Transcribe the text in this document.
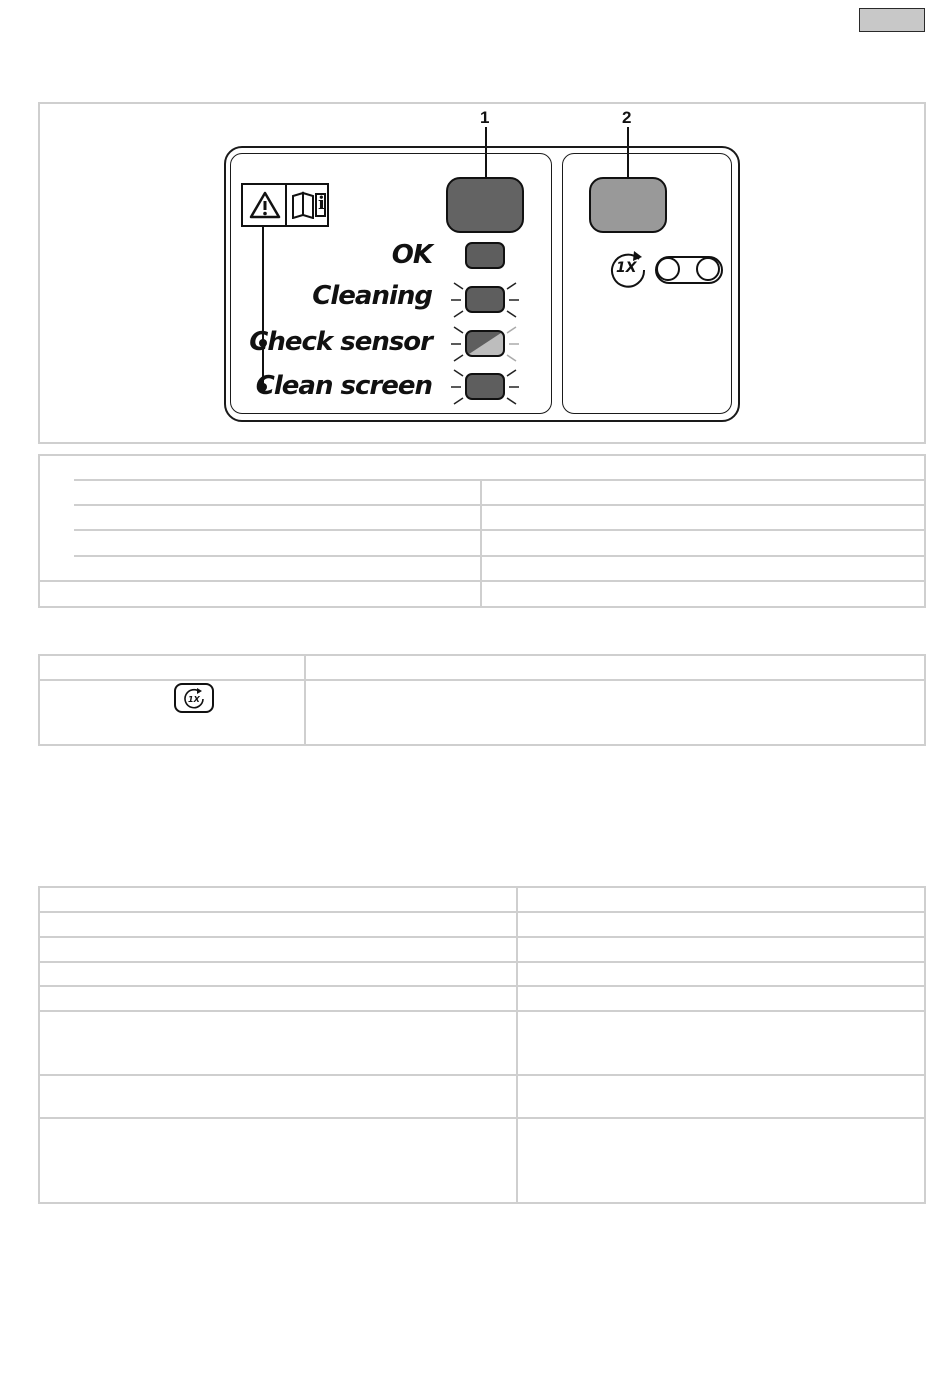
1	2
i
OK
Cleaning
Check sensor
Clean screen
1X
1X
